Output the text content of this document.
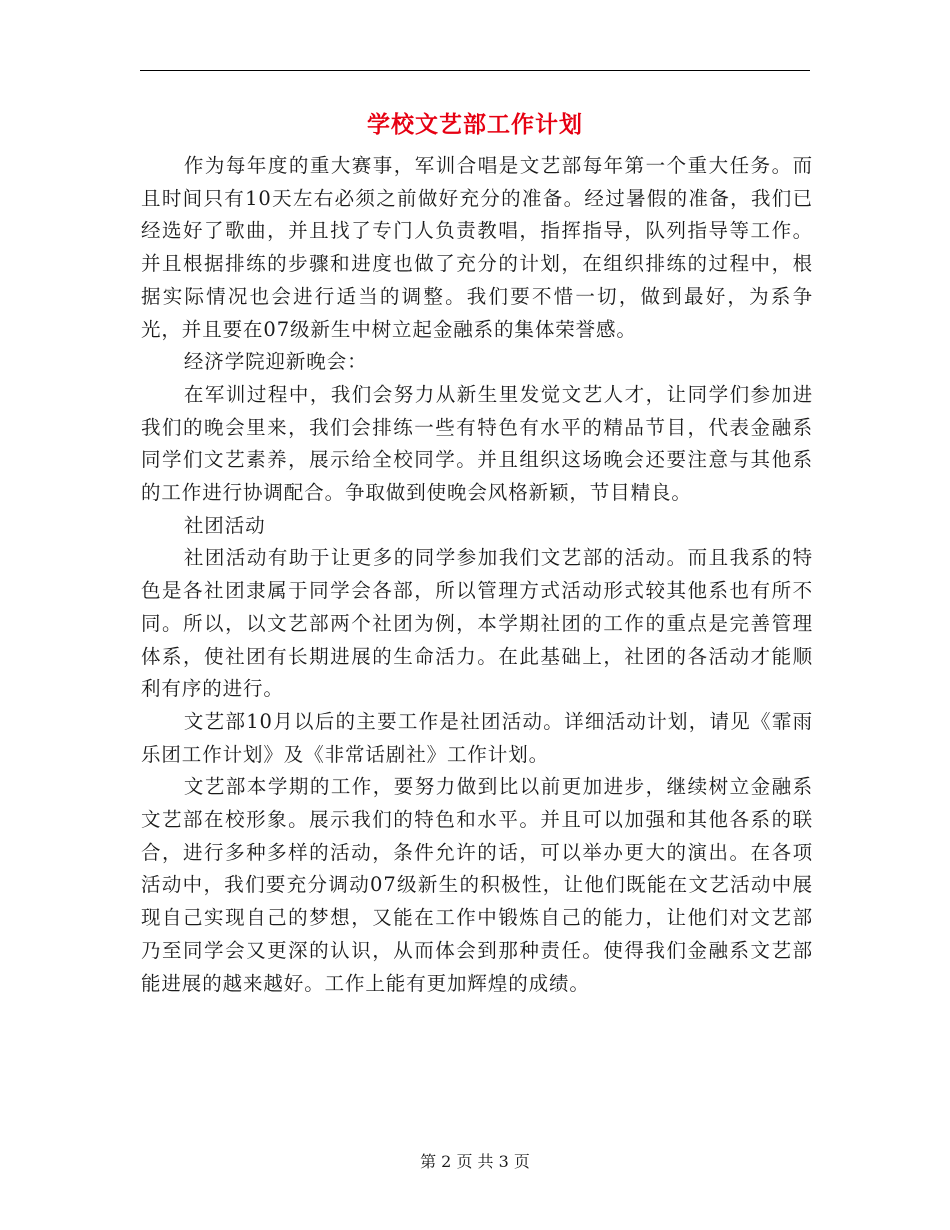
学校文艺部工作计划

作为每年度的重大赛事，军训合唱是文艺部每年第一个重大任务。而且时间只有10天左右必须之前做好充分的准备。经过暑假的准备，我们已经选好了歌曲，并且找了专门人负责教唱，指挥指导，队列指导等工作。并且根据排练的步骤和进度也做了充分的计划，在组织排练的过程中，根据实际情况也会进行适当的调整。我们要不惜一切，做到最好，为系争光，并且要在07级新生中树立起金融系的集体荣誉感。

经济学院迎新晚会：

在军训过程中，我们会努力从新生里发觉文艺人才，让同学们参加进我们的晚会里来，我们会排练一些有特色有水平的精品节目，代表金融系同学们文艺素养，展示给全校同学。并且组织这场晚会还要注意与其他系的工作进行协调配合。争取做到使晚会风格新颖，节目精良。

社团活动

社团活动有助于让更多的同学参加我们文艺部的活动。而且我系的特色是各社团隶属于同学会各部，所以管理方式活动形式较其他系也有所不同。所以，以文艺部两个社团为例，本学期社团的工作的重点是完善管理体系，使社团有长期进展的生命活力。在此基础上，社团的各活动才能顺利有序的进行。

文艺部10月以后的主要工作是社团活动。详细活动计划，请见《霏雨乐团工作计划》及《非常话剧社》工作计划。

文艺部本学期的工作，要努力做到比以前更加进步，继续树立金融系文艺部在校形象。展示我们的特色和水平。并且可以加强和其他各系的联合，进行多种多样的活动，条件允许的话，可以举办更大的演出。在各项活动中，我们要充分调动07级新生的积极性，让他们既能在文艺活动中展现自己实现自己的梦想，又能在工作中锻炼自己的能力，让他们对文艺部乃至同学会又更深的认识，从而体会到那种责任。使得我们金融系文艺部能进展的越来越好。工作上能有更加辉煌的成绩。

第 2 页 共 3 页
